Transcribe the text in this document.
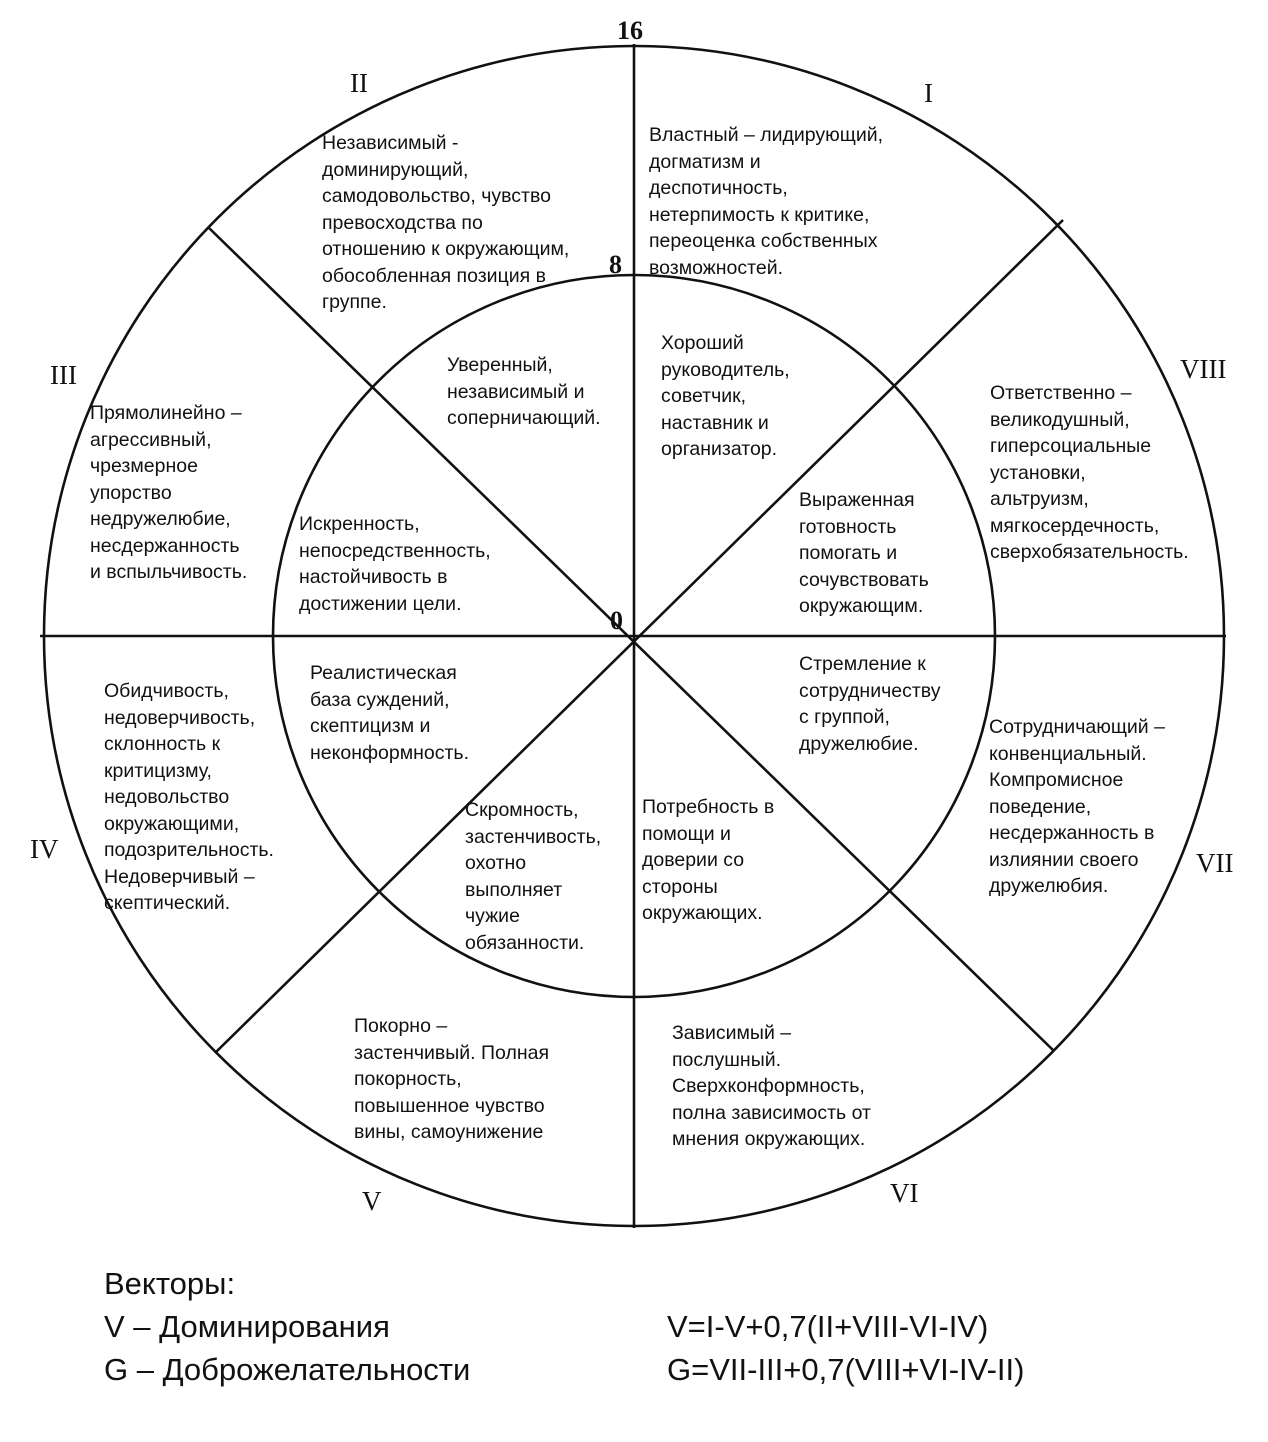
16
8
0
I
II
III
IV
V	VI
VII
VIII
Властный – лидирующий,
догматизм и
деспотичность,
нетерпимость к критике,
переоценка собственных
возможностей.
Хороший
руководитель,
советчик,
наставник и
организатор.
Независимый -
доминирующий,
самодовольство, чувство
превосходства по
отношению к окружающим,
обособленная позиция в
группе.
Уверенный,
независимый и
соперничающий.
Прямолинейно –
агрессивный,
чрезмерное
упорство
недружелюбие,
несдержанность
и вспыльчивость.
Искренность,
непосредственность,
настойчивость в
достижении цели.
Обидчивость,
недоверчивость,
склонность к
критицизму,
недовольство
окружающими,
подозрительность.
Недоверчивый –
скептический.
Реалистическая
база суждений,
скептицизм и
неконформность.
Покорно –
застенчивый. Полная
покорность,
повышенное чувство
вины, самоунижение
Скромность,
застенчивость,
охотно
выполняет
чужие
обязанности.
Зависимый –
послушный.
Сверхконформность,
полна зависимость от
мнения окружающих.
Потребность в
помощи и
доверии со
стороны
окружающих.
Сотрудничающий –
конвенциальный.
Компромисное
поведение,
несдержанность в
излиянии своего
дружелюбия.
Стремление к
сотрудничеству
с группой,
дружелюбие.
Ответственно –
великодушный,
гиперсоциальные
установки,
альтруизм,
мягкосердечность,
сверхобязательность.
Выраженная
готовность
помогать и
сочувствовать
окружающим.
Векторы:
V – Доминирования
G – Доброжелательности
V=I-V+0,7(II+VIII-VI-IV)
G=VII-III+0,7(VIII+VI-IV-II)
